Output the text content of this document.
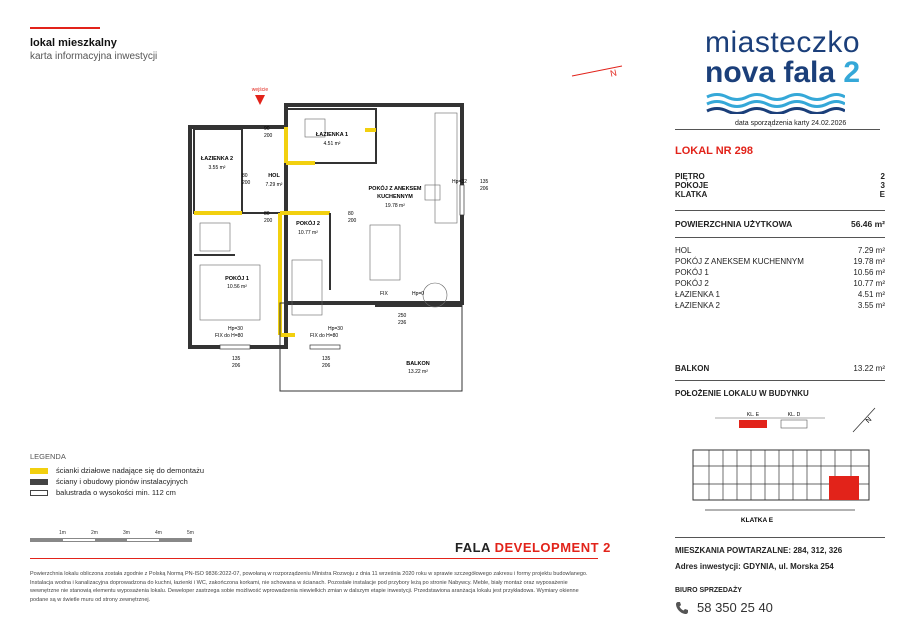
lokal mieszkalny
karta informacyjna inwestycji	miasteczko
nova fala 2
N
data sporządzenia karty 24.02.2026
LOKAL NR 298
PIĘTRO	2
POKOJE	3
KLATKA	E
POWIERZCHNIA UŻYTKOWA	56.46 m²
HOL	7.29 m²
POKÓJ Z ANEKSEM KUCHENNYM	19.78 m²
POKÓJ 1	10.56 m²
POKÓJ 2	10.77 m²
ŁAZIENKA 1	4.51 m²
ŁAZIENKA 2	3.55 m²
BALKON	13.22 m²
POŁOŻENIE LOKALU W BUDYNKU
KL. E	KL. D
N
KLATKA E
wejście
ŁAZIENKA 1
4.51 m²
ŁAZIENKA 2
3.55 m²
HOL
7.29 m²
POKÓJ Z ANEKSEM
KUCHENNYM
19.78 m²
POKÓJ 1
10.56 m²
POKÓJ 2
10.77 m²
BALKON
13.22 m²
90
200
80
200
80
200
80
200
135
206
250
236
Hp=32
Hp=0
Hp=30	Hp=30
FIX do H=80	FIX do H=80
FIX
135
206
135
206
LEGENDA
ścianki działowe nadające się do demontażu
ściany i obudowy pionów instalacyjnych
balustrada o wysokości min. 112 cm
1m	2m	3m	4m	5m
FALA DEVELOPMENT 2
Powierzchnia lokalu obliczona została zgodnie z Polską Normą PN-ISO 9836:2022-07, powołaną w rozporządzeniu Ministra Rozwoju z dnia 11 września 2020 roku w sprawie szczegółowego zakresu i formy projektu budowlanego. Instalacja wodna i kanalizacyjna doprowadzona do kuchni, łazienki i WC, zakończona korkami, nie schowana w ścianach. Pozostałe instalacje pod przybory leżą po stronie Nabywcy. Meble, biały montaż oraz wyposażenie wewnętrzne nie stanowią elementu wyposażenia lokalu. Deweloper zastrzega sobie możliwość wprowadzenia niewielkich zmian w dalszym etapie inwestycji. Przedstawiona aranżacja lokalu jest przykładowa. Wymiary okienne podane są w świetle muru od strony zewnętrznej.
MIESZKANIA POWTARZALNE: 284, 312, 326
Adres inwestycji: GDYNIA, ul. Morska 254
BIURO SPRZEDAŻY
58 350 25 40
